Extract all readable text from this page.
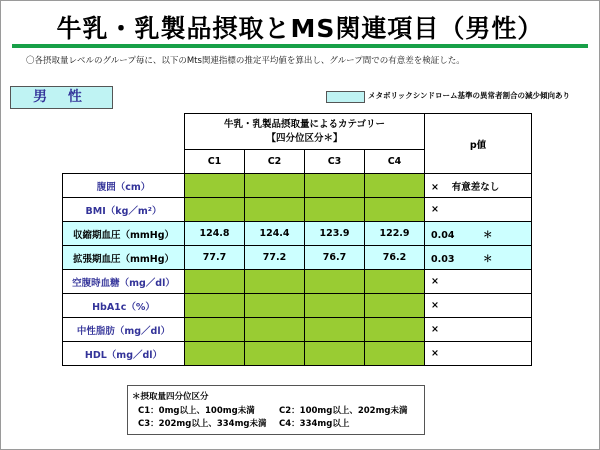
牛乳・乳製品摂取とMS関連項目（男性）
〇各摂取量レベルのグループ毎に、以下のMts関連指標の推定平均値を算出し、グループ間での有意差を検証した。
男 性	メタボリックシンドローム基準の異常者割合の減少傾向あり

	牛乳・乳製品摂取量によるカテゴリー
【四分位区分＊】				p値
	C1	C2	C3	C4	
腹囲（cm）					×　 有意差なし
BMI（kg／m²）					×
収縮期血圧（mmHg）	124.8	124.4	123.9	122.9	0.04　　　＊
拡張期血圧（mmHg）	77.7	77.2	76.7	76.2	0.03　　　＊
空腹時血糖（mg／dl）					×
HbA1c（%）					×
中性脂肪（mg／dl）					×
HDL（mg／dl）					×
＊摂取量四分位区分
C1：0mg以上、100mg未満	C2：100mg以上、202mg未満
C3：202mg以上、334mg未満 C4：334mg以上
